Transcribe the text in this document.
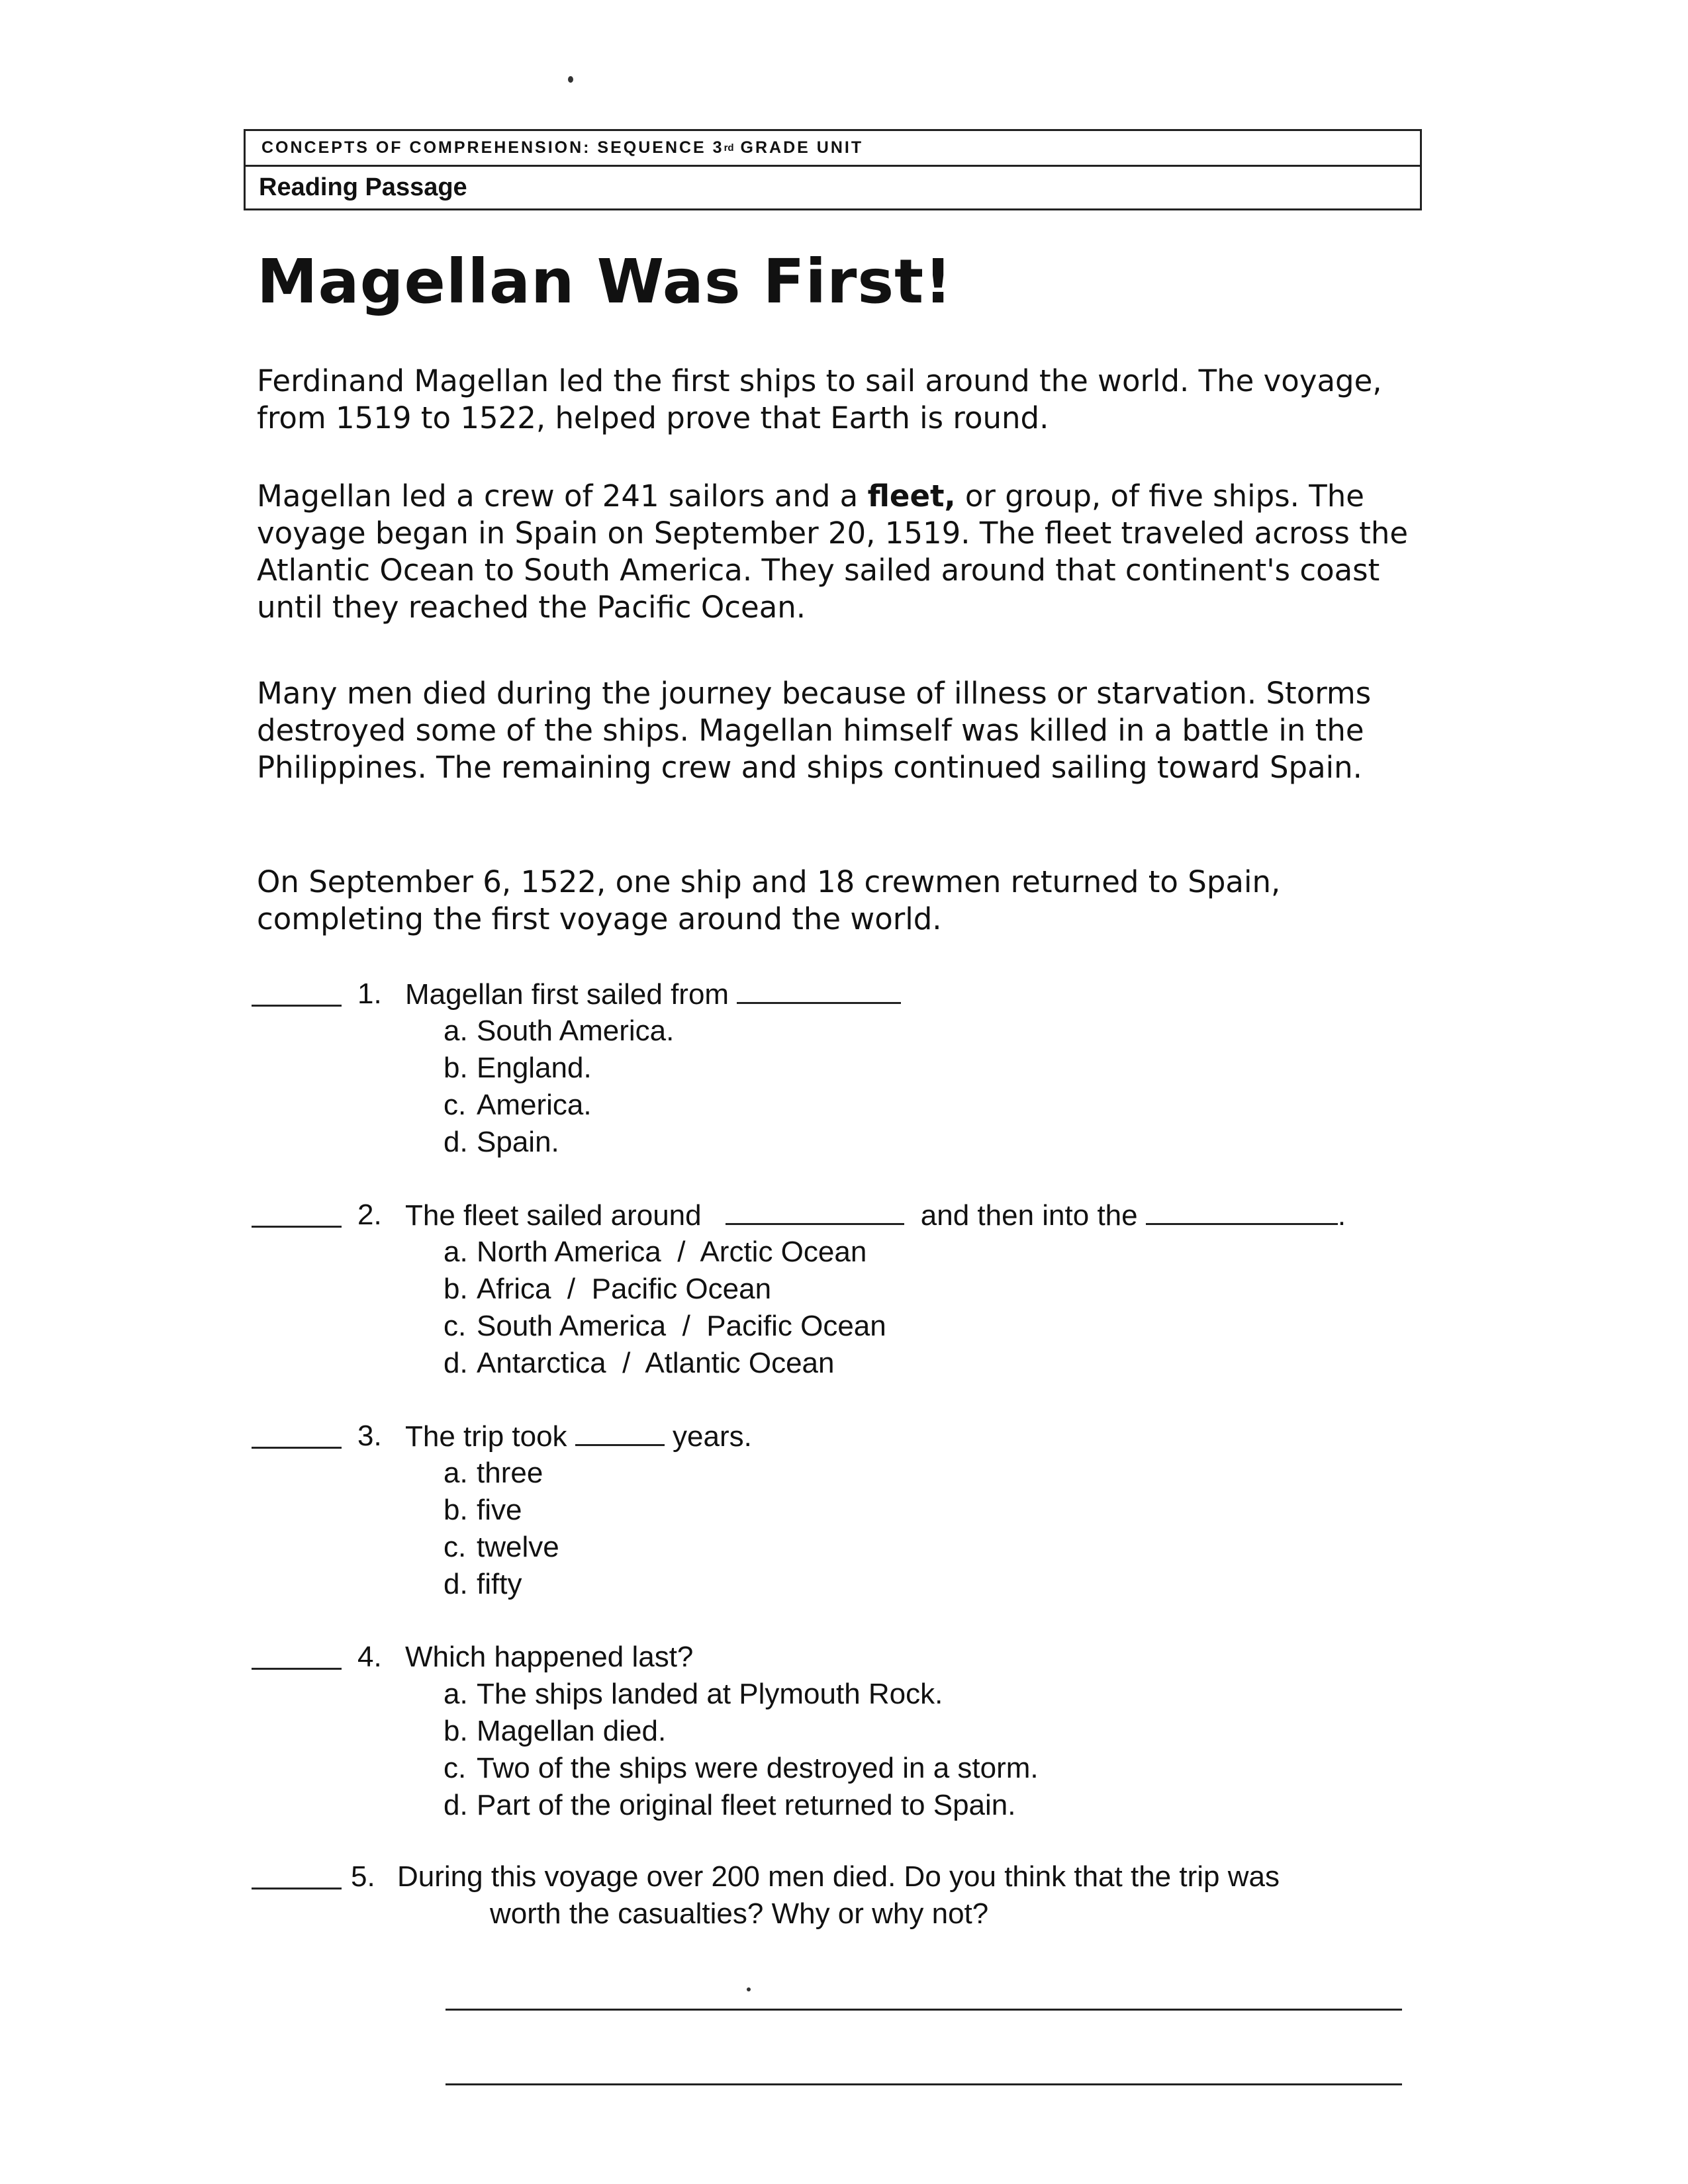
CONCEPTS OF COMPREHENSION: SEQUENCE 3 rd
GRADE UNIT
Reading Passage
Magellan Was First!

Ferdinand Magellan led the first ships to sail around the world. The voyage, from 1519 to 1522, helped prove that Earth is round.

Magellan led a crew of 241 sailors and a fleet, or group, of five ships. The voyage began in Spain on September 20, 1519. The fleet traveled across the Atlantic Ocean to South America. They sailed around that continent's coast until they reached the Pacific Ocean.

Many men died during the journey because of illness or starvation. Storms destroyed some of the ships. Magellan himself was killed in a battle in the Philippines. The remaining crew and ships continued sailing toward Spain.

On September 6, 1522, one ship and 18 crewmen returned to Spain, completing the first voyage around the world.

1. Magellan first sailed from
a. South America.
b. England.
c. America.
d. Spain.
2. The fleet sailed around	and then into the	.
a. North America  /  Arctic Ocean
b. Africa  /  Pacific Ocean
c. South America  /  Pacific Ocean
d. Antarctica  /  Atlantic Ocean
3. The trip took	years.
a. three
b. five
c. twelve
d. fifty
4. Which happened last?
a. The ships landed at Plymouth Rock.
b. Magellan died.
c. Two of the ships were destroyed in a storm.
d. Part of the original fleet returned to Spain.
5. During this voyage over 200 men died. Do you think that the trip was
worth the casualties? Why or why not?
